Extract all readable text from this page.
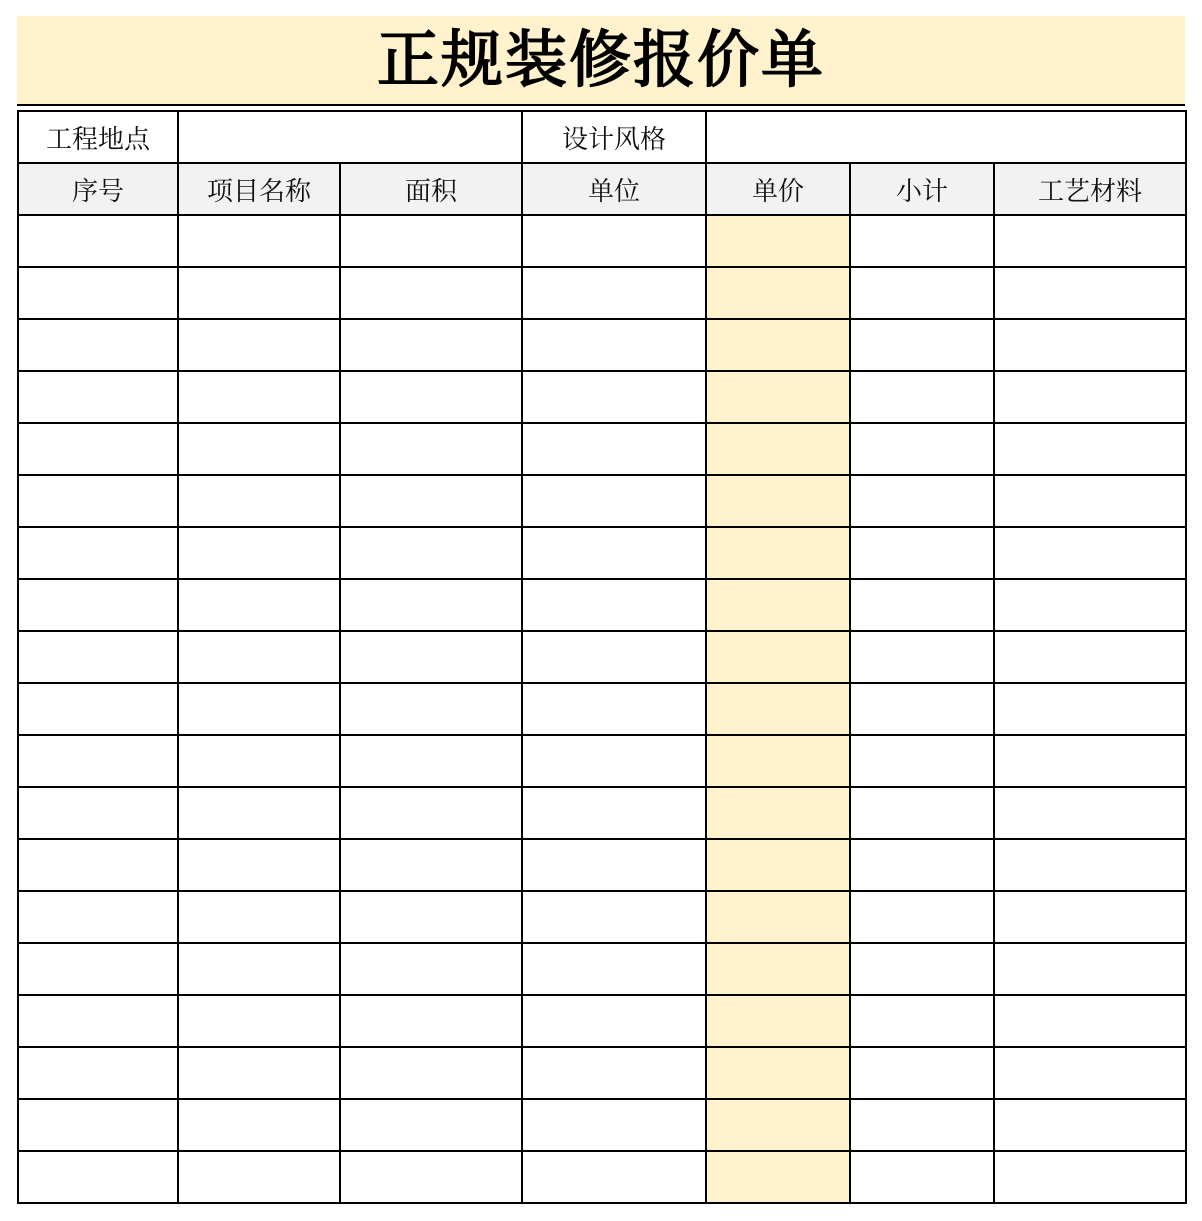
正规装修报价单
工程地点			设计风格			
序号	项目名称	面积	单位	单价	小计	工艺材料
